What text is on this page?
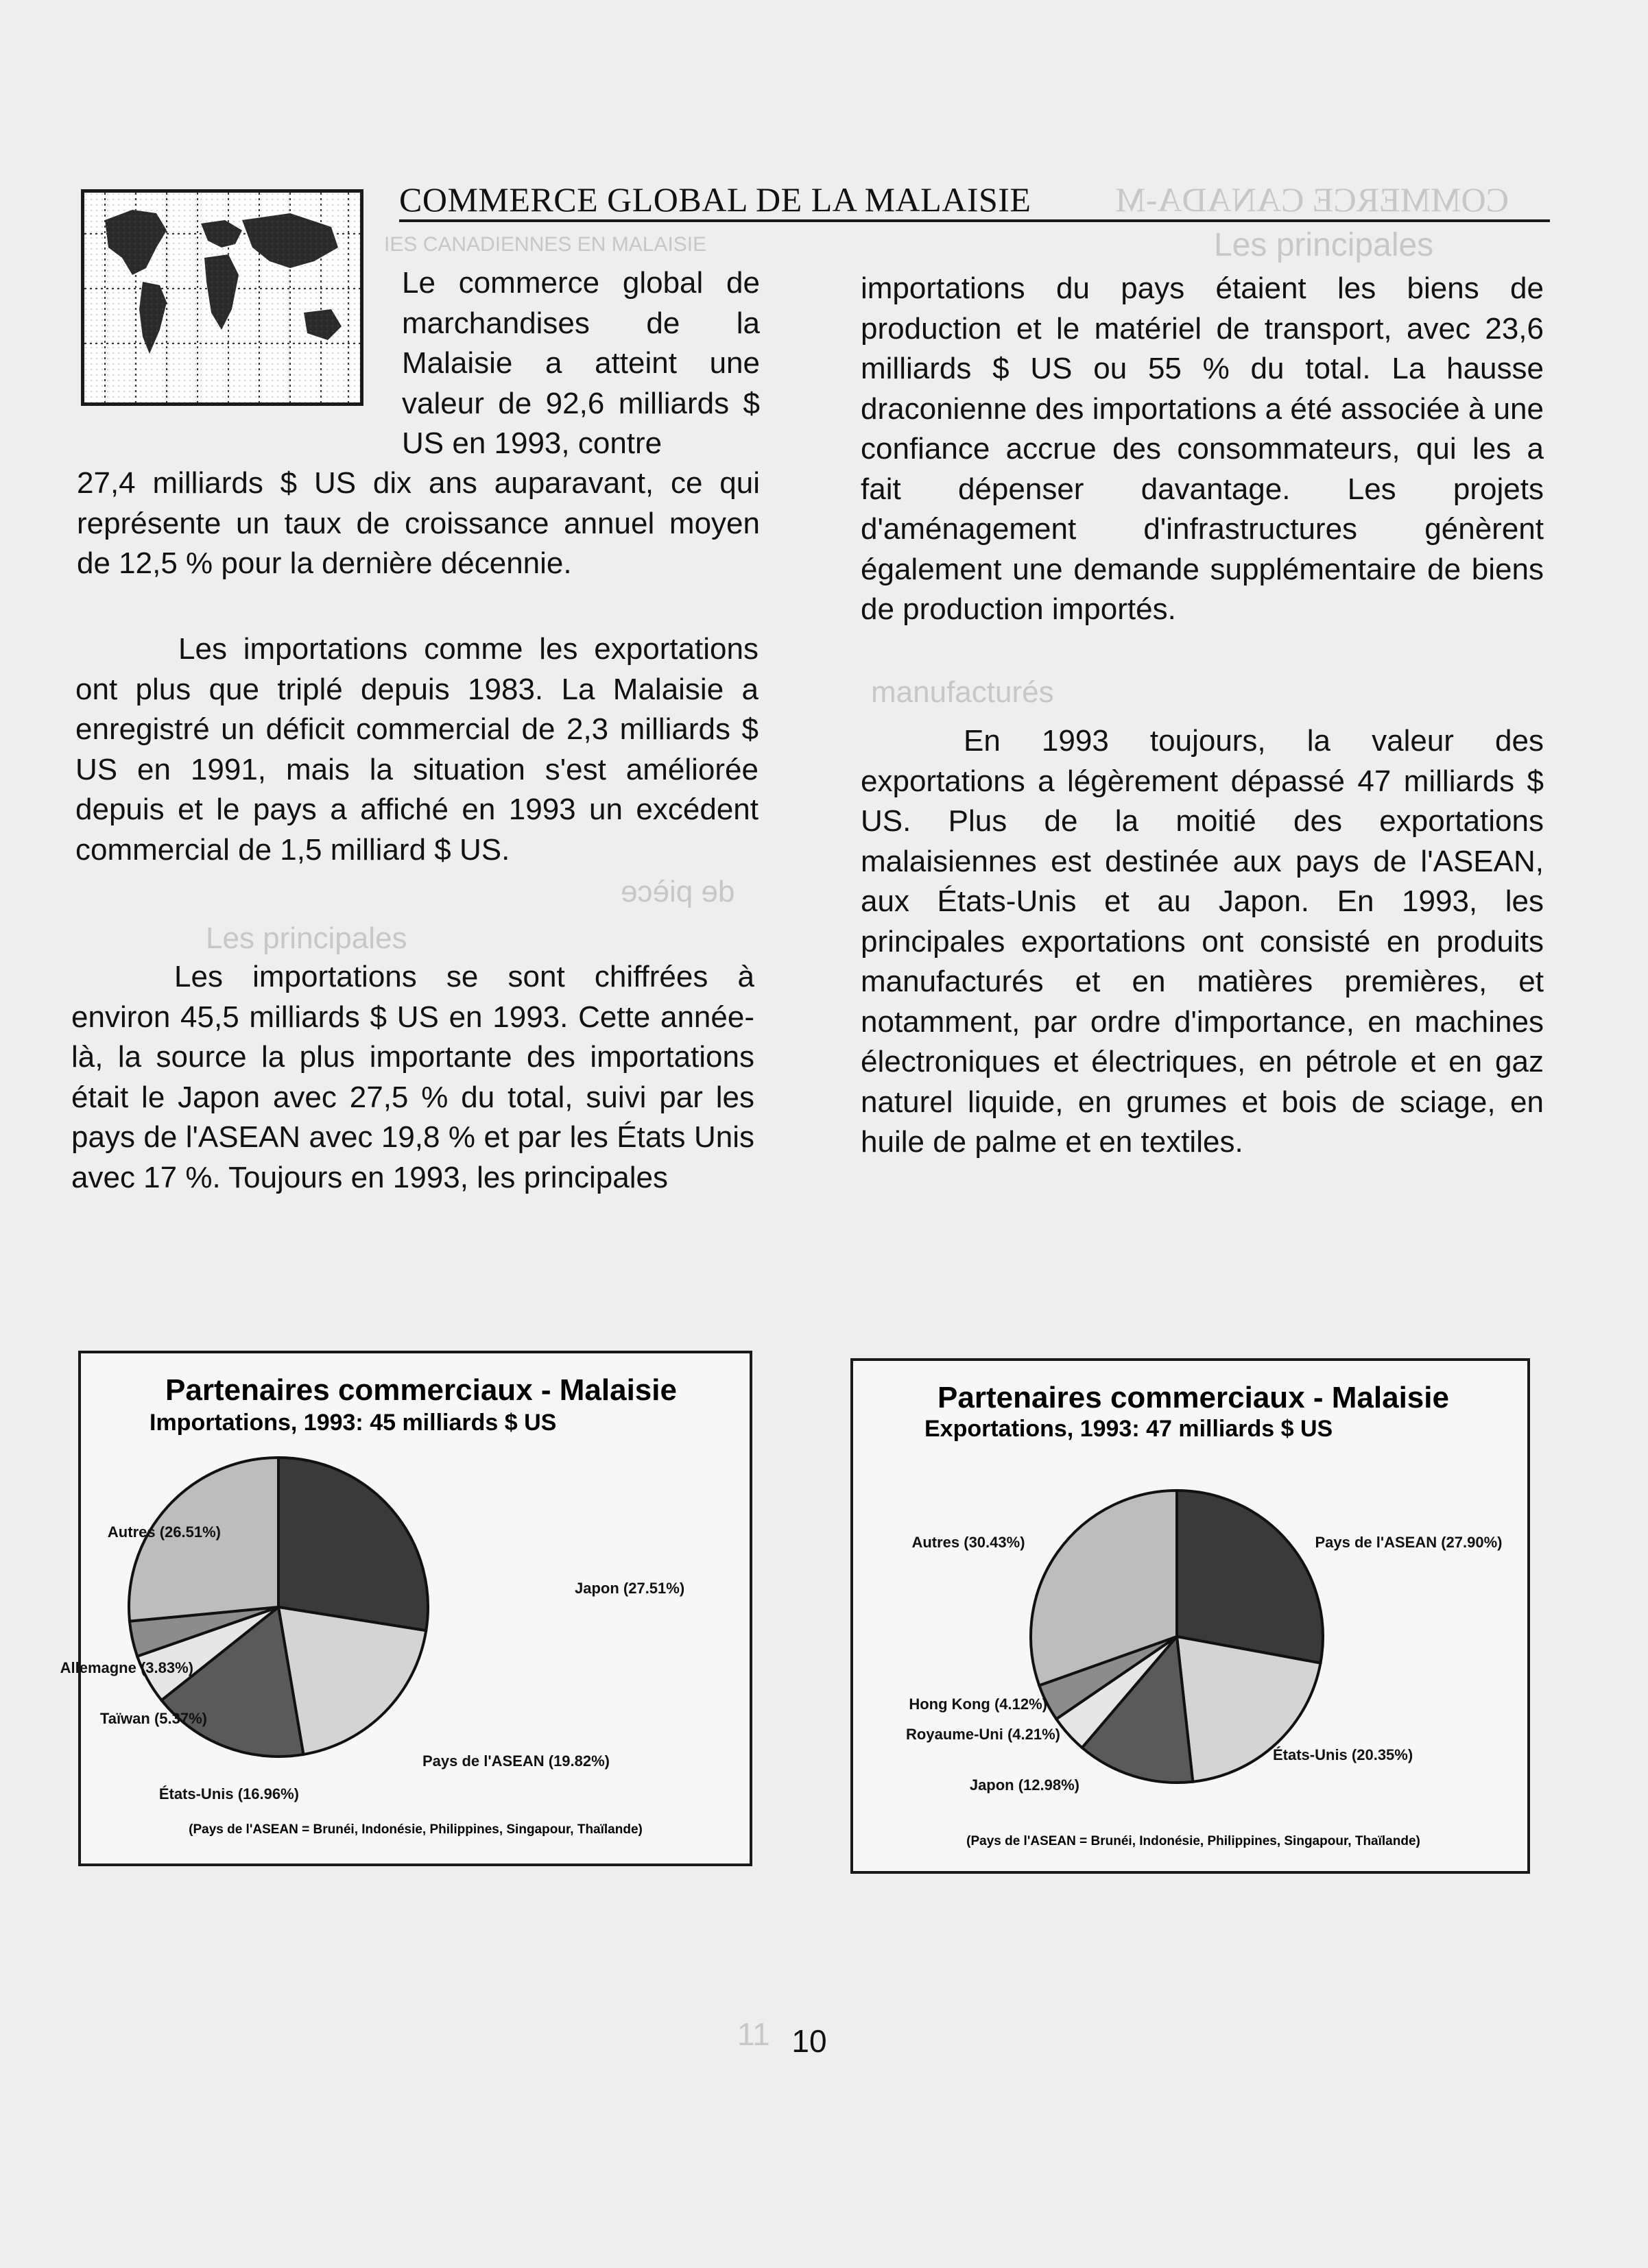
COMMERCE CANADA-M
Les principales
IES CANADIENNES EN MALAISIE
manufacturés
de pièce
Les principales
11
COMMERCE GLOBAL DE LA MALAISIE

Le commerce global de marchandises de la Malaisie a atteint une valeur de 92,6 milliards $ US en 1993, contre

27,4 milliards $ US dix ans auparavant, ce qui représente un taux de croissance annuel moyen de 12,5 % pour la dernière décennie.

Les importations comme les exportations ont plus que triplé depuis 1983. La Malaisie a enregistré un déficit commercial de 2,3 milliards $ US en 1991, mais la situation s'est améliorée depuis et le pays a affiché en 1993 un excédent commercial de 1,5 milliard $ US.

Les importations se sont chiffrées à environ 45,5 milliards $ US en 1993. Cette année-là, la source la plus importante des importations était le Japon avec 27,5 % du total, suivi par les pays de l'ASEAN avec 19,8 % et par les États Unis avec 17 %. Toujours en 1993, les principales

importations du pays étaient les biens de production et le matériel de transport, avec 23,6 milliards $ US ou 55 % du total. La hausse draconienne des importations a été associée à une confiance accrue des consommateurs, qui les a fait dépenser davantage. Les projets d'aménagement d'infrastructures génèrent également une demande supplémentaire de biens de production importés.

En 1993 toujours, la valeur des exportations a légèrement dépassé 47 milliards $ US. Plus de la moitié des exportations malaisiennes est destinée aux pays de l'ASEAN, aux États-Unis et au Japon. En 1993, les principales exportations ont consisté en produits manufacturés et en matières premières, et notamment, par ordre d'importance, en machines électroniques et électriques, en pétrole et en gaz naturel liquide, en grumes et bois de sciage, en huile de palme et en textiles.

Partenaires commerciaux - Malaisie
Importations, 1993: 45 milliards $ US
Japon (27.51%)
Pays de l'ASEAN (19.82%)
États-Unis (16.96%)
Taïwan (5.37%)
Allemagne (3.83%)
Autres (26.51%)
(Pays de l'ASEAN = Brunéi, Indonésie, Philippines, Singapour, Thaïlande)
Partenaires commerciaux - Malaisie
Exportations, 1993: 47 milliards $ US
Pays de l'ASEAN (27.90%)
États-Unis (20.35%)
Japon (12.98%)
Royaume-Uni (4.21%)
Hong Kong (4.12%)
Autres (30.43%)
(Pays de l'ASEAN = Brunéi, Indonésie, Philippines, Singapour, Thaïlande)
10
